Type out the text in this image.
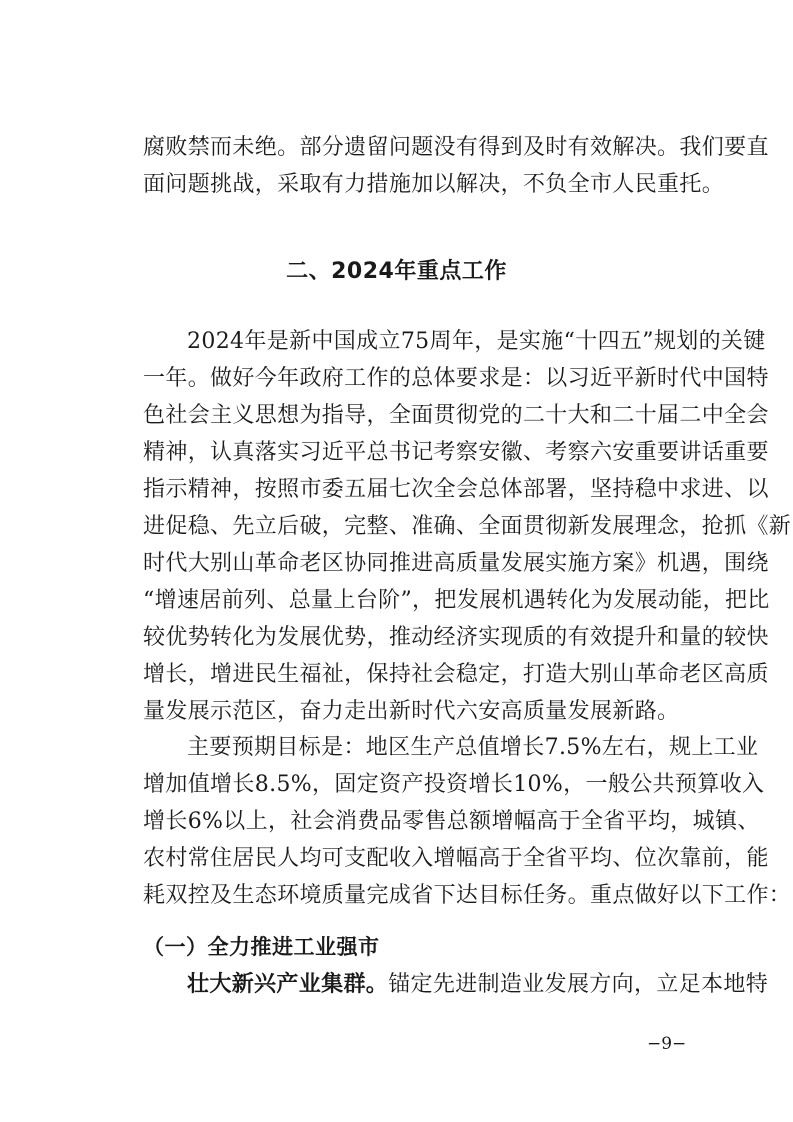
腐败禁而未绝。部分遗留问题没有得到及时有效解决。我们要直
面问题挑战，采取有力措施加以解决，不负全市人民重托。
二、2024年重点工作
2024年是新中国成立75周年，是实施“十四五”规划的关键
一年。做好今年政府工作的总体要求是：以习近平新时代中国特
色社会主义思想为指导，全面贯彻党的二十大和二十届二中全会
精神，认真落实习近平总书记考察安徽、考察六安重要讲话重要
指示精神，按照市委五届七次全会总体部署，坚持稳中求进、以
进促稳、先立后破，完整、准确、全面贯彻新发展理念，抢抓《新
时代大别山革命老区协同推进高质量发展实施方案》机遇，围绕
“增速居前列、总量上台阶”，把发展机遇转化为发展动能，把比
较优势转化为发展优势，推动经济实现质的有效提升和量的较快
增长，增进民生福祉，保持社会稳定，打造大别山革命老区高质
量发展示范区，奋力走出新时代六安高质量发展新路。
主要预期目标是：地区生产总值增长7.5%左右，规上工业
增加值增长8.5%，固定资产投资增长10%，一般公共预算收入
增长6%以上，社会消费品零售总额增幅高于全省平均，城镇、
农村常住居民人均可支配收入增幅高于全省平均、位次靠前，能
耗双控及生态环境质量完成省下达目标任务。重点做好以下工作：
（一）全力推进工业强市
壮大新兴产业集群。锚定先进制造业发展方向，立足本地特
−9−
